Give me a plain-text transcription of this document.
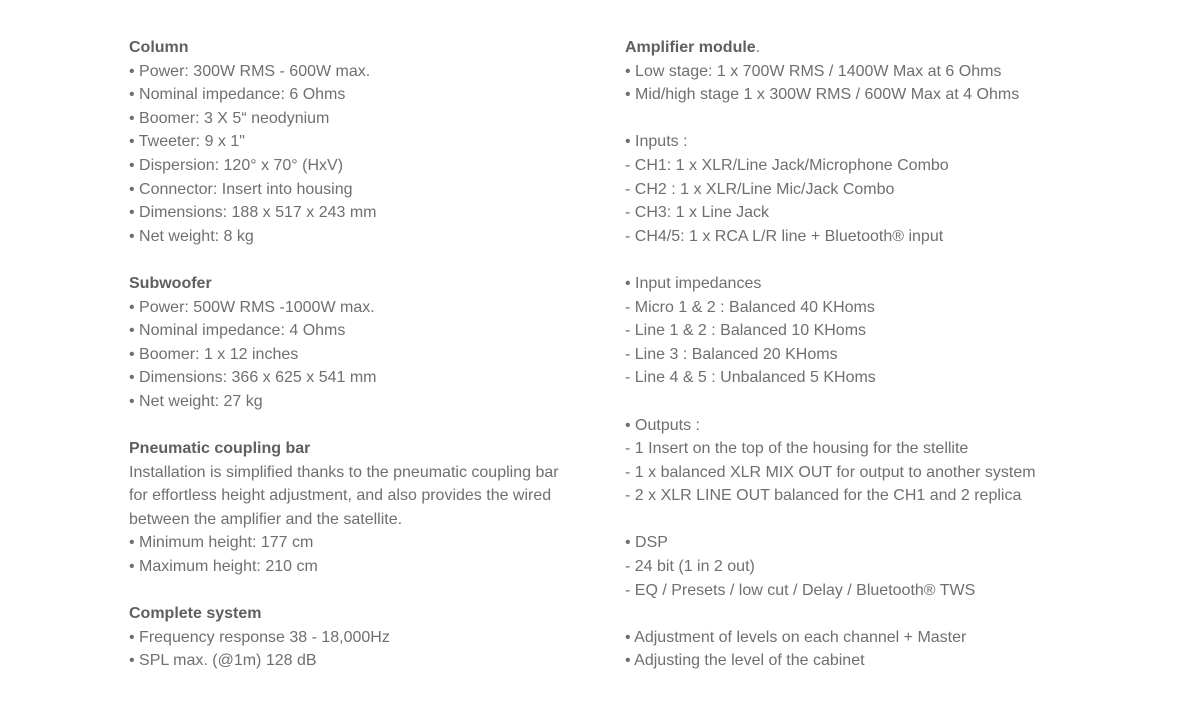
Column
• Power: 300W RMS - 600W max.
• Nominal impedance: 6 Ohms
• Boomer: 3 X 5“ neodynium
• Tweeter: 9 x 1"
• Dispersion: 120° x 70° (HxV)
• Connector: Insert into housing
• Dimensions: 188 x 517 x 243 mm
• Net weight: 8 kg
Subwoofer
• Power: 500W RMS -1000W max.
• Nominal impedance: 4 Ohms
• Boomer: 1 x 12 inches
• Dimensions: 366 x 625 x 541 mm
• Net weight: 27 kg
Pneumatic coupling bar
Installation is simplified thanks to the pneumatic coupling bar
for effortless height adjustment, and also provides the wired
between the amplifier and the satellite.
• Minimum height: 177 cm
• Maximum height: 210 cm
Complete system
• Frequency response 38 - 18,000Hz
• SPL max. (@1m) 128 dB
Amplifier module.
• Low stage: 1 x 700W RMS / 1400W Max at 6 Ohms
• Mid/high stage 1 x 300W RMS / 600W Max at 4 Ohms
• Inputs :
- CH1: 1 x XLR/Line Jack/Microphone Combo
- CH2 : 1 x XLR/Line Mic/Jack Combo
- CH3: 1 x Line Jack
- CH4/5: 1 x RCA L/R line + Bluetooth® input
• Input impedances
- Micro 1 & 2 : Balanced 40 KHoms
- Line 1 & 2 : Balanced 10 KHoms
- Line 3 : Balanced 20 KHoms
- Line 4 & 5 : Unbalanced 5 KHoms
• Outputs :
- 1 Insert on the top of the housing for the stellite
- 1 x balanced XLR MIX OUT for output to another system
- 2 x XLR LINE OUT balanced for the CH1 and 2 replica
• DSP
- 24 bit (1 in 2 out)
- EQ / Presets / low cut / Delay / Bluetooth® TWS
• Adjustment of levels on each channel + Master
• Adjusting the level of the cabinet
